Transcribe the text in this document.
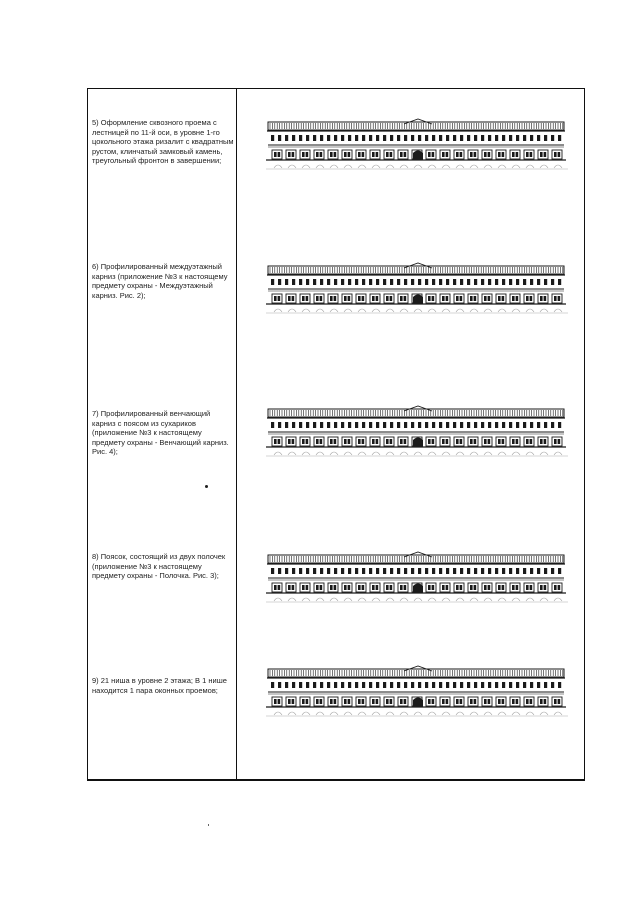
5) Оформление сквозного проема с лестницей по 11-й оси, в уровне 1-го цокольного этажа ризалит с квадратным рустом, клинчатый замковый камень, треугольный фронтон в завершении;
6) Профилированный междуэтажный карниз (приложение №3 к настоящему предмету охраны - Междуэтажный карниз. Рис. 2);
7) Профилированный венчающий карниз с поясом из сухариков (приложение №3 к настоящему предмету охраны - Венчающий карниз. Рис. 4);
8) Поясок, состоящий из двух полочек (приложение №3 к настоящему предмету охраны - Полочка. Рис. 3);
9) 21 ниша в уровне 2 этажа; В 1 нише находится 1 пара оконных проемов;
